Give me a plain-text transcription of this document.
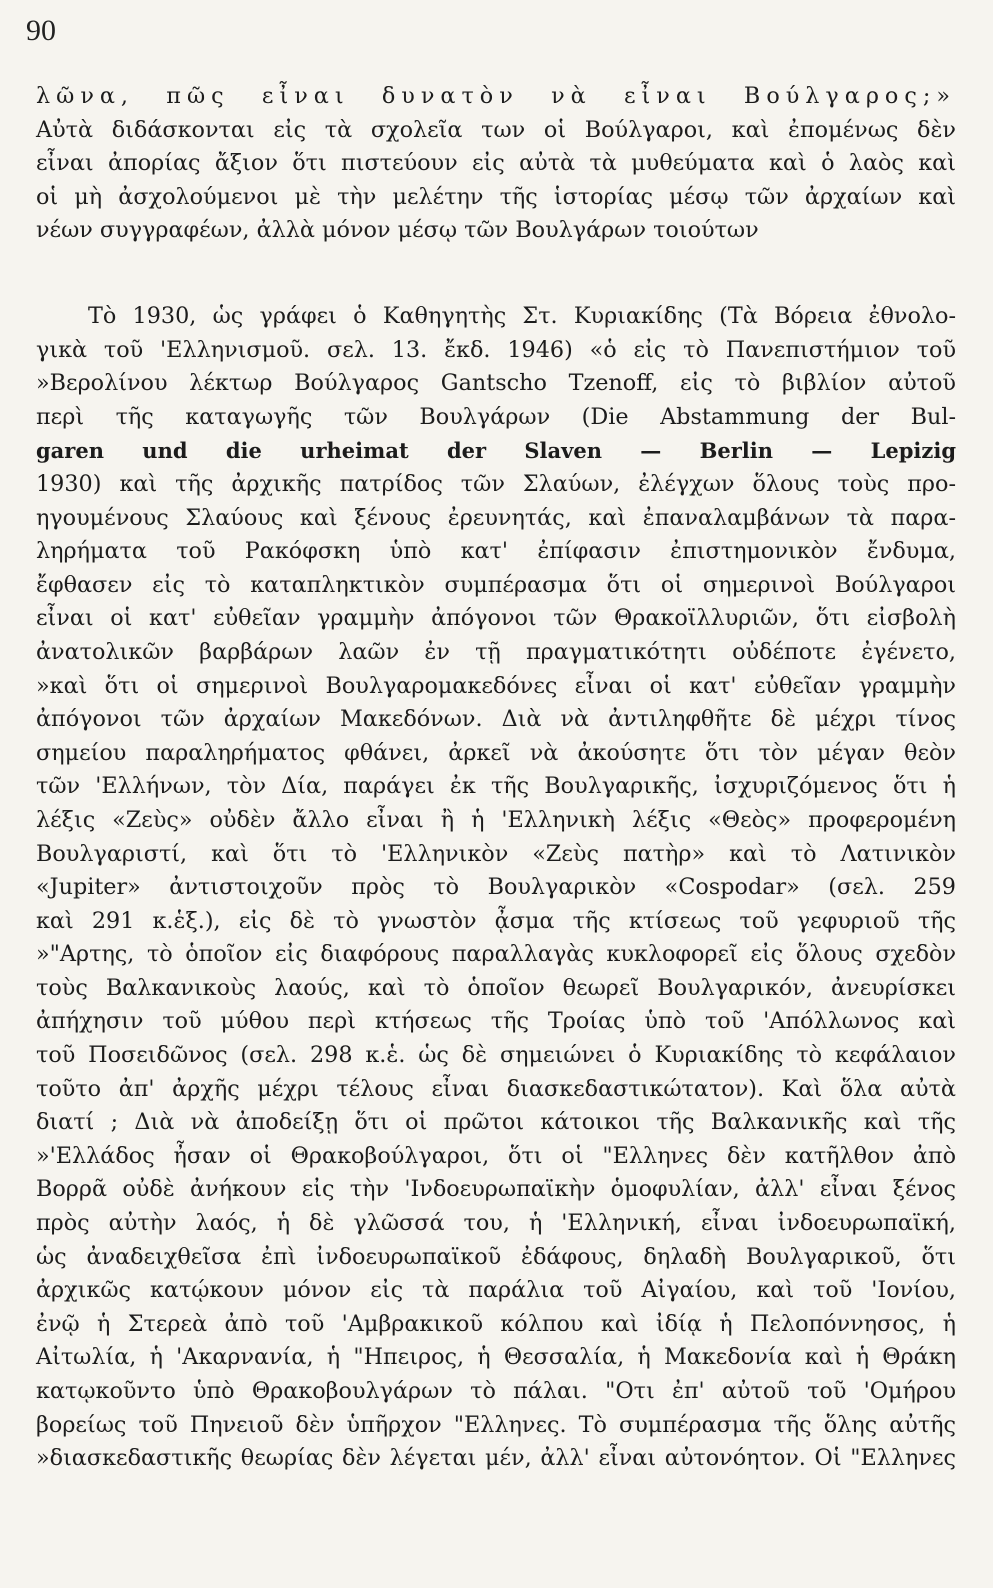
90
λῶνα, πῶς εἶναι δυνατὸν νὰ εἶναι Βούλγαρος;»
Αὐτὰ διδάσκονται εἰς τὰ σχολεῖα των οἱ Βούλγαροι, καὶ ἐπομένως δὲν
εἶναι ἀπορίας ἄξιον ὅτι πιστεύουν εἰς αὐτὰ τὰ μυθεύματα καὶ ὁ λαὸς καὶ
οἱ μὴ ἀσχολούμενοι μὲ τὴν μελέτην τῆς ἱστορίας μέσῳ τῶν ἀρχαίων καὶ
νέων συγγραφέων, ἀλλὰ μόνον μέσῳ τῶν Βουλγάρων τοιούτων
Τὸ 1930, ὡς γράφει ὁ Καθηγητὴς Στ. Κυριακίδης (Τὰ Βόρεια ἐθνολο-
γικὰ τοῦ 'Ελληνισμοῦ. σελ. 13. ἔκδ. 1946) «ὁ εἰς τὸ Πανεπιστήμιον τοῦ
»Βερολίνου λέκτωρ Βούλγαρος Gantscho Tzenoff, εἰς τὸ βιβλίον αὐτοῦ
περὶ τῆς καταγωγῆς τῶν Βουλγάρων (Die Abstammung der Bul-
garen und die urheimat der Slaven — Berlin — Lepizig
1930) καὶ τῆς ἀρχικῆς πατρίδος τῶν Σλαύων, ἐλέγχων ὅλους τοὺς προ-
ηγουμένους Σλαύους καὶ ξένους ἐρευνητάς, καὶ ἐπαναλαμβάνων τὰ παρα-
ληρήματα τοῦ Ρακόφσκη ὑπὸ κατ' ἐπίφασιν ἐπιστημονικὸν ἔνδυμα,
ἔφθασεν εἰς τὸ καταπληκτικὸν συμπέρασμα ὅτι οἱ σημερινοὶ Βούλγαροι
εἶναι οἱ κατ' εὐθεῖαν γραμμὴν ἀπόγονοι τῶν Θρακοϊλλυριῶν, ὅτι εἰσβολὴ
ἀνατολικῶν βαρβάρων λαῶν ἐν τῇ πραγματικότητι οὐδέποτε ἐγένετο,
»καὶ ὅτι οἱ σημερινοὶ Βουλγαρομακεδόνες εἶναι οἱ κατ' εὐθεῖαν γραμμὴν
ἀπόγονοι τῶν ἀρχαίων Μακεδόνων. Διὰ νὰ ἀντιληφθῆτε δὲ μέχρι τίνος
σημείου παραληρήματος φθάνει, ἀρκεῖ νὰ ἀκούσητε ὅτι τὸν μέγαν θεὸν
τῶν 'Ελλήνων, τὸν Δία, παράγει ἐκ τῆς Βουλγαρικῆς, ἰσχυριζόμενος ὅτι ἡ
λέξις «Ζεὺς» οὐδὲν ἄλλο εἶναι ἢ ἡ 'Ελληνικὴ λέξις «Θεὸς» προφερομένη
Βουλγαριστί, καὶ ὅτι τὸ 'Ελληνικὸν «Ζεὺς πατὴρ» καὶ τὸ Λατινικὸν
«Jupiter» ἀντιστοιχοῦν πρὸς τὸ Βουλγαρικὸν «Cospodar» (σελ. 259
καὶ 291 κ.ἑξ.), εἰς δὲ τὸ γνωστὸν ᾆσμα τῆς κτίσεως τοῦ γεφυριοῦ τῆς
»"Αρτης, τὸ ὁποῖον εἰς διαφόρους παραλλαγὰς κυκλοφορεῖ εἰς ὅλους σχεδὸν
τοὺς Βαλκανικοὺς λαούς, καὶ τὸ ὁποῖον θεωρεῖ Βουλγαρικόν, ἀνευρίσκει
ἀπήχησιν τοῦ μύθου περὶ κτήσεως τῆς Τροίας ὑπὸ τοῦ 'Απόλλωνος καὶ
τοῦ Ποσειδῶνος (σελ. 298 κ.ἑ. ὡς δὲ σημειώνει ὁ Κυριακίδης τὸ κεφάλαιον
τοῦτο ἀπ' ἀρχῆς μέχρι τέλους εἶναι διασκεδαστικώτατον). Καὶ ὅλα αὐτὰ
διατί ; Διὰ νὰ ἀποδείξῃ ὅτι οἱ πρῶτοι κάτοικοι τῆς Βαλκανικῆς καὶ τῆς
»'Ελλάδος ἦσαν οἱ Θρακοβούλγαροι, ὅτι οἱ "Ελληνες δὲν κατῆλθον ἀπὸ
Βορρᾶ οὐδὲ ἀνήκουν εἰς τὴν 'Ινδοευρωπαϊκὴν ὁμοφυλίαν, ἀλλ' εἶναι ξένος
πρὸς αὐτὴν λαός, ἡ δὲ γλῶσσά του, ἡ 'Ελληνική, εἶναι ἰνδοευρωπαϊκή,
ὡς ἀναδειχθεῖσα ἐπὶ ἰνδοευρωπαϊκοῦ ἐδάφους, δηλαδὴ Βουλγαρικοῦ, ὅτι
ἀρχικῶς κατῴκουν μόνον εἰς τὰ παράλια τοῦ Αἰγαίου, καὶ τοῦ 'Ιονίου,
ἐνῷ ἡ Στερεὰ ἀπὸ τοῦ 'Αμβρακικοῦ κόλπου καὶ ἰδίᾳ ἡ Πελοπόννησος, ἡ
Αἰτωλία, ἡ 'Ακαρνανία, ἡ "Ηπειρος, ἡ Θεσσαλία, ἡ Μακεδονία καὶ ἡ Θράκη
κατῳκοῦντο ὑπὸ Θρακοβουλγάρων τὸ πάλαι. "Οτι ἐπ' αὐτοῦ τοῦ 'Ομήρου
βορείως τοῦ Πηνειοῦ δὲν ὑπῆρχον "Ελληνες. Τὸ συμπέρασμα τῆς ὅλης αὐτῆς
»διασκεδαστικῆς θεωρίας δὲν λέγεται μέν, ἀλλ' εἶναι αὐτονόητον. Οἱ "Ελληνες
